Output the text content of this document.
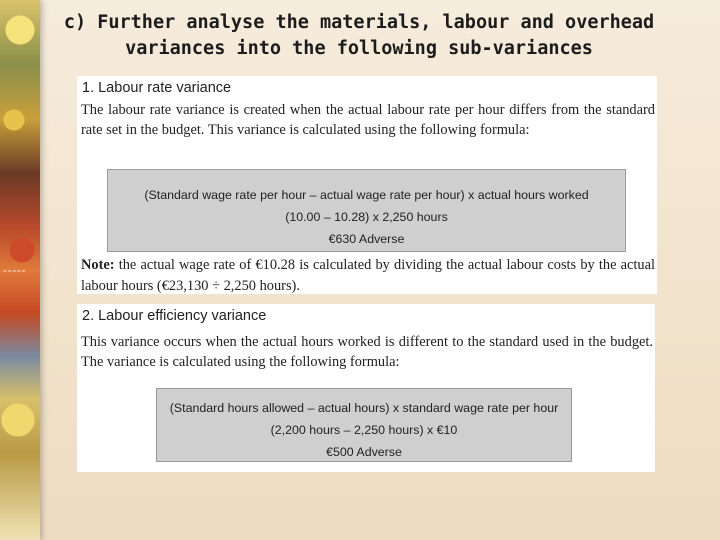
≈≈≈≈≈
c) Further analyse the materials, labour and overhead
variances into the following sub-variances
1. Labour rate variance

The labour rate variance is created when the actual labour rate per hour differs from the standard rate set in the budget. This variance is calculated using the following formula:

(Standard wage rate per hour – actual wage rate per hour) x actual hours worked
(10.00 – 10.28) x 2,250 hours
€630 Adverse

Note: the actual wage rate of €10.28 is calculated by dividing the actual labour costs by the actual labour hours (€23,130 ÷ 2,250 hours).

2. Labour efficiency variance

This variance occurs when the actual hours worked is different to the standard used in the budget. The variance is calculated using the following formula:

(Standard hours allowed – actual hours) x standard wage rate per hour
(2,200 hours – 2,250 hours) x €10
€500 Adverse
